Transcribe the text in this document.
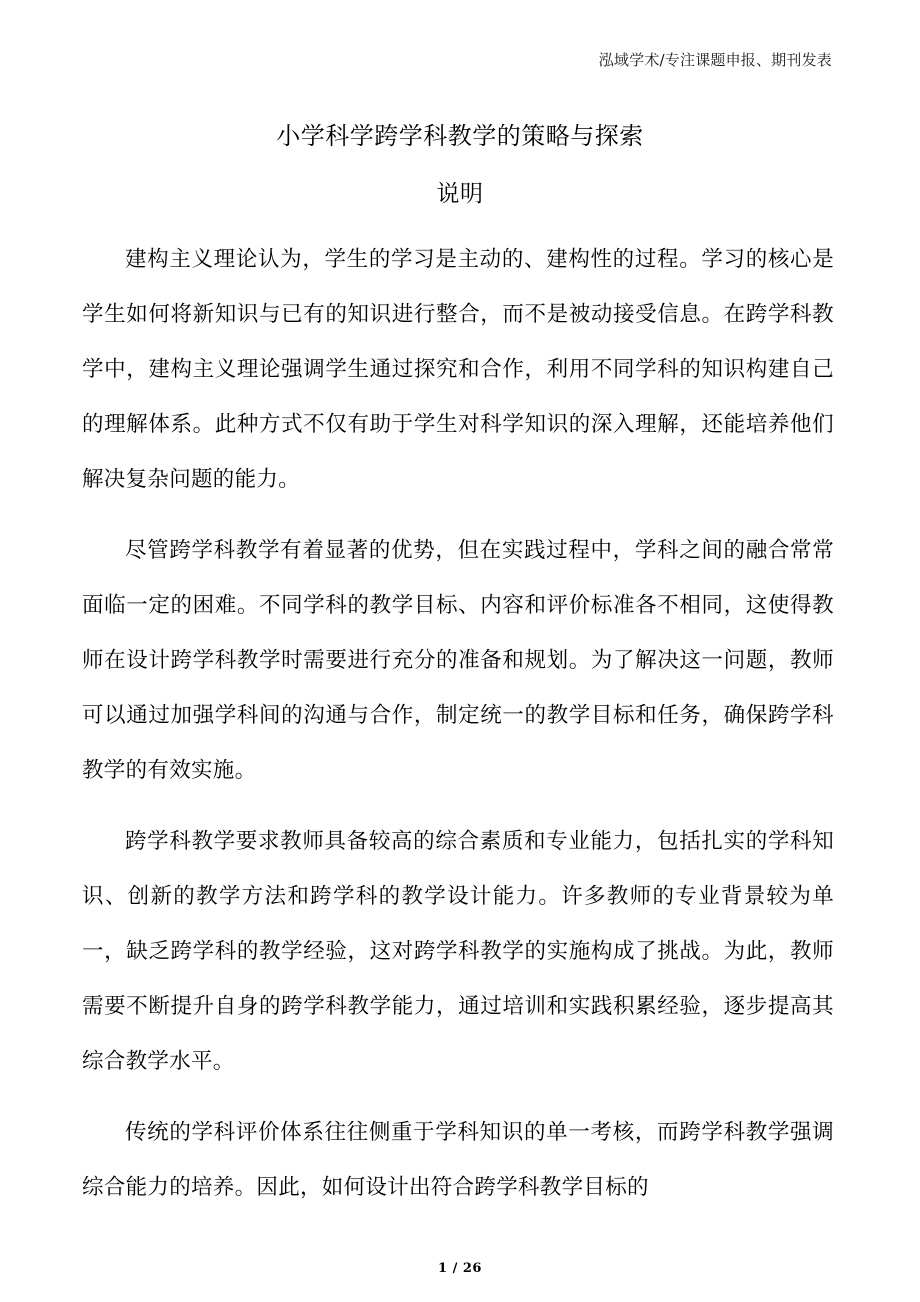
泓域学术/专注课题申报、期刊发表
小学科学跨学科教学的策略与探索
说明

建构主义理论认为，学生的学习是主动的、建构性的过程。学习的核心是学生如何将新知识与已有的知识进行整合，而不是被动接受信息。在跨学科教学中，建构主义理论强调学生通过探究和合作，利用不同学科的知识构建自己的理解体系。此种方式不仅有助于学生对科学知识的深入理解，还能培养他们解决复杂问题的能力。

尽管跨学科教学有着显著的优势，但在实践过程中，学科之间的融合常常面临一定的困难。不同学科的教学目标、内容和评价标准各不相同，这使得教师在设计跨学科教学时需要进行充分的准备和规划。为了解决这一问题，教师可以通过加强学科间的沟通与合作，制定统一的教学目标和任务，确保跨学科教学的有效实施。

跨学科教学要求教师具备较高的综合素质和专业能力，包括扎实的学科知识、创新的教学方法和跨学科的教学设计能力。许多教师的专业背景较为单一，缺乏跨学科的教学经验，这对跨学科教学的实施构成了挑战。为此，教师需要不断提升自身的跨学科教学能力，通过培训和实践积累经验，逐步提高其综合教学水平。

传统的学科评价体系往往侧重于学科知识的单一考核，而跨学科教学强调综合能力的培养。因此，如何设计出符合跨学科教学目标的

1 / 26
